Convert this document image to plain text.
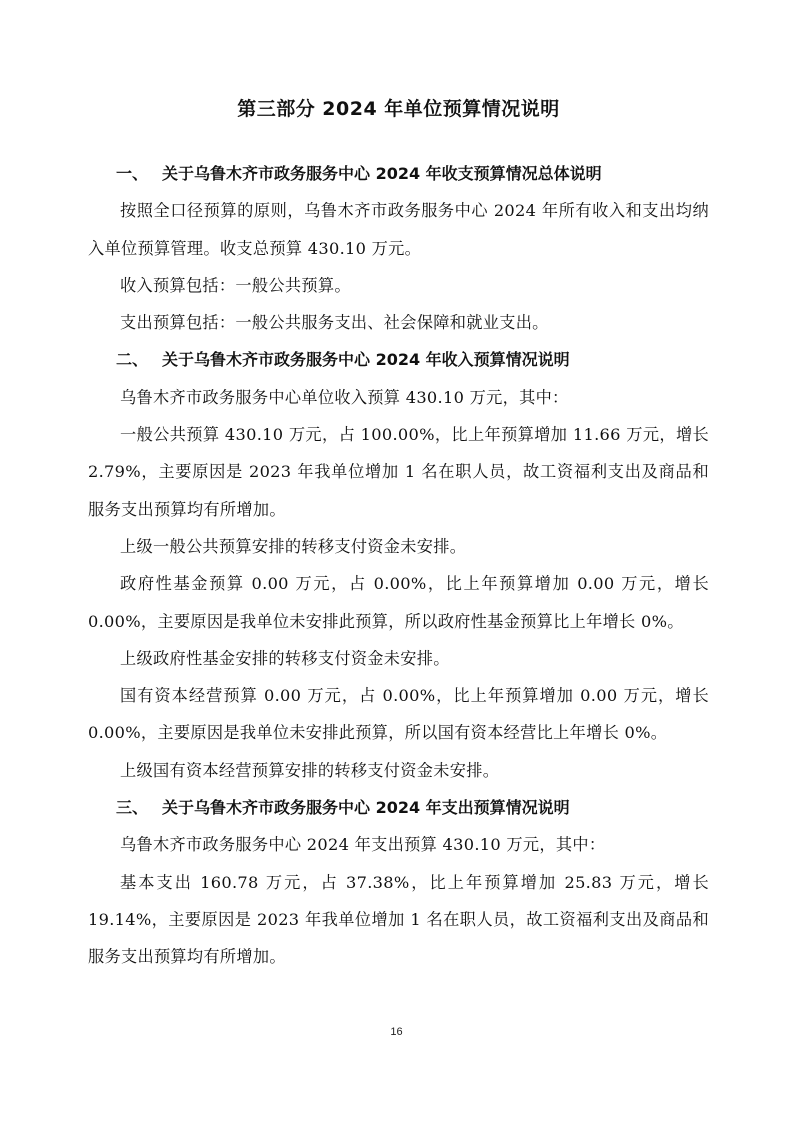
第三部分 2024 年单位预算情况说明
一、 关于乌鲁木齐市政务服务中心 2024 年收支预算情况总体说明

按照全口径预算的原则，乌鲁木齐市政务服务中心 2024 年所有收入和支出均纳入单位预算管理。收支总预算 430.10 万元。

收入预算包括：一般公共预算。

支出预算包括：一般公共服务支出、社会保障和就业支出。

二、 关于乌鲁木齐市政务服务中心 2024 年收入预算情况说明

乌鲁木齐市政务服务中心单位收入预算 430.10 万元，其中：

一般公共预算 430.10 万元，占 100.00%，比上年预算增加 11.66 万元，增长 2.79%，主要原因是 2023 年我单位增加 1 名在职人员，故工资福利支出及商品和服务支出预算均有所增加。

上级一般公共预算安排的转移支付资金未安排。

政府性基金预算 0.00 万元，占 0.00%，比上年预算增加 0.00 万元，增长 0.00%，主要原因是我单位未安排此预算，所以政府性基金预算比上年增长 0%。

上级政府性基金安排的转移支付资金未安排。

国有资本经营预算 0.00 万元，占 0.00%，比上年预算增加 0.00 万元，增长 0.00%，主要原因是我单位未安排此预算，所以国有资本经营比上年增长 0%。

上级国有资本经营预算安排的转移支付资金未安排。

三、 关于乌鲁木齐市政务服务中心 2024 年支出预算情况说明

乌鲁木齐市政务服务中心 2024 年支出预算 430.10 万元，其中：

基本支出 160.78 万元，占 37.38%，比上年预算增加 25.83 万元，增长 19.14%，主要原因是 2023 年我单位增加 1 名在职人员，故工资福利支出及商品和服务支出预算均有所增加。

16
